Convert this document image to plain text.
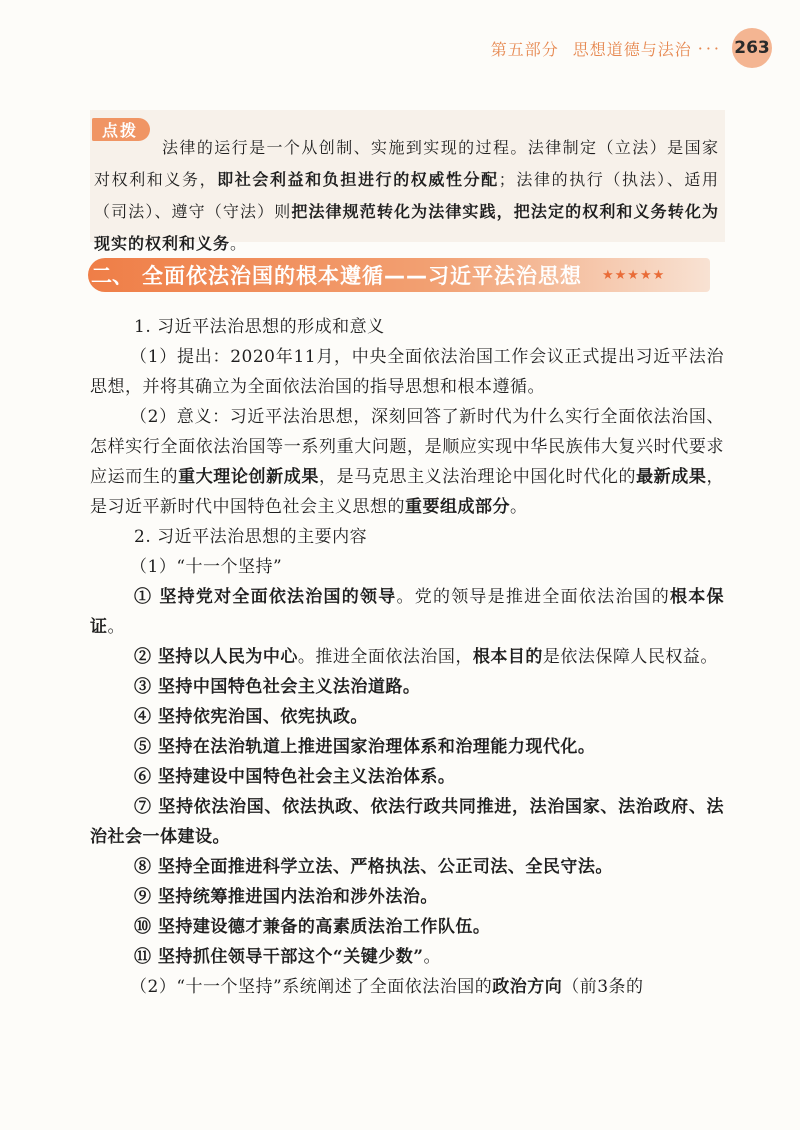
第五部分 思想道德与法治 ··· 263

法律的运行是一个从创制、实施到实现的过程。法律制定（立法）是国家对权利和义务，即社会利益和负担进行的权威性分配；法律的执行（执法）、适用（司法）、遵守（守法）则把法律规范转化为法律实践，把法定的权利和义务转化为现实的权利和义务。

点拨
二、 全面依法治国的根本遵循——习近平法治思想 ★★★★★

1. 习近平法治思想的形成和意义

（1）提出：2020年11月，中央全面依法治国工作会议正式提出习近平法治思想，并将其确立为全面依法治国的指导思想和根本遵循。

（2）意义：习近平法治思想，深刻回答了新时代为什么实行全面依法治国、怎样实行全面依法治国等一系列重大问题，是顺应实现中华民族伟大复兴时代要求应运而生的重大理论创新成果，是马克思主义法治理论中国化时代化的最新成果，是习近平新时代中国特色社会主义思想的重要组成部分。

2. 习近平法治思想的主要内容

（1）“十一个坚持”

① 坚持党对全面依法治国的领导。党的领导是推进全面依法治国的根本保证。

② 坚持以人民为中心。推进全面依法治国，根本目的是依法保障人民权益。

③ 坚持中国特色社会主义法治道路。

④ 坚持依宪治国、依宪执政。

⑤ 坚持在法治轨道上推进国家治理体系和治理能力现代化。

⑥ 坚持建设中国特色社会主义法治体系。

⑦ 坚持依法治国、依法执政、依法行政共同推进，法治国家、法治政府、法治社会一体建设。

⑧ 坚持全面推进科学立法、严格执法、公正司法、全民守法。

⑨ 坚持统筹推进国内法治和涉外法治。

⑩ 坚持建设德才兼备的高素质法治工作队伍。

⑪ 坚持抓住领导干部这个“关键少数”。

（2）“十一个坚持”系统阐述了全面依法治国的政治方向（前3条的
